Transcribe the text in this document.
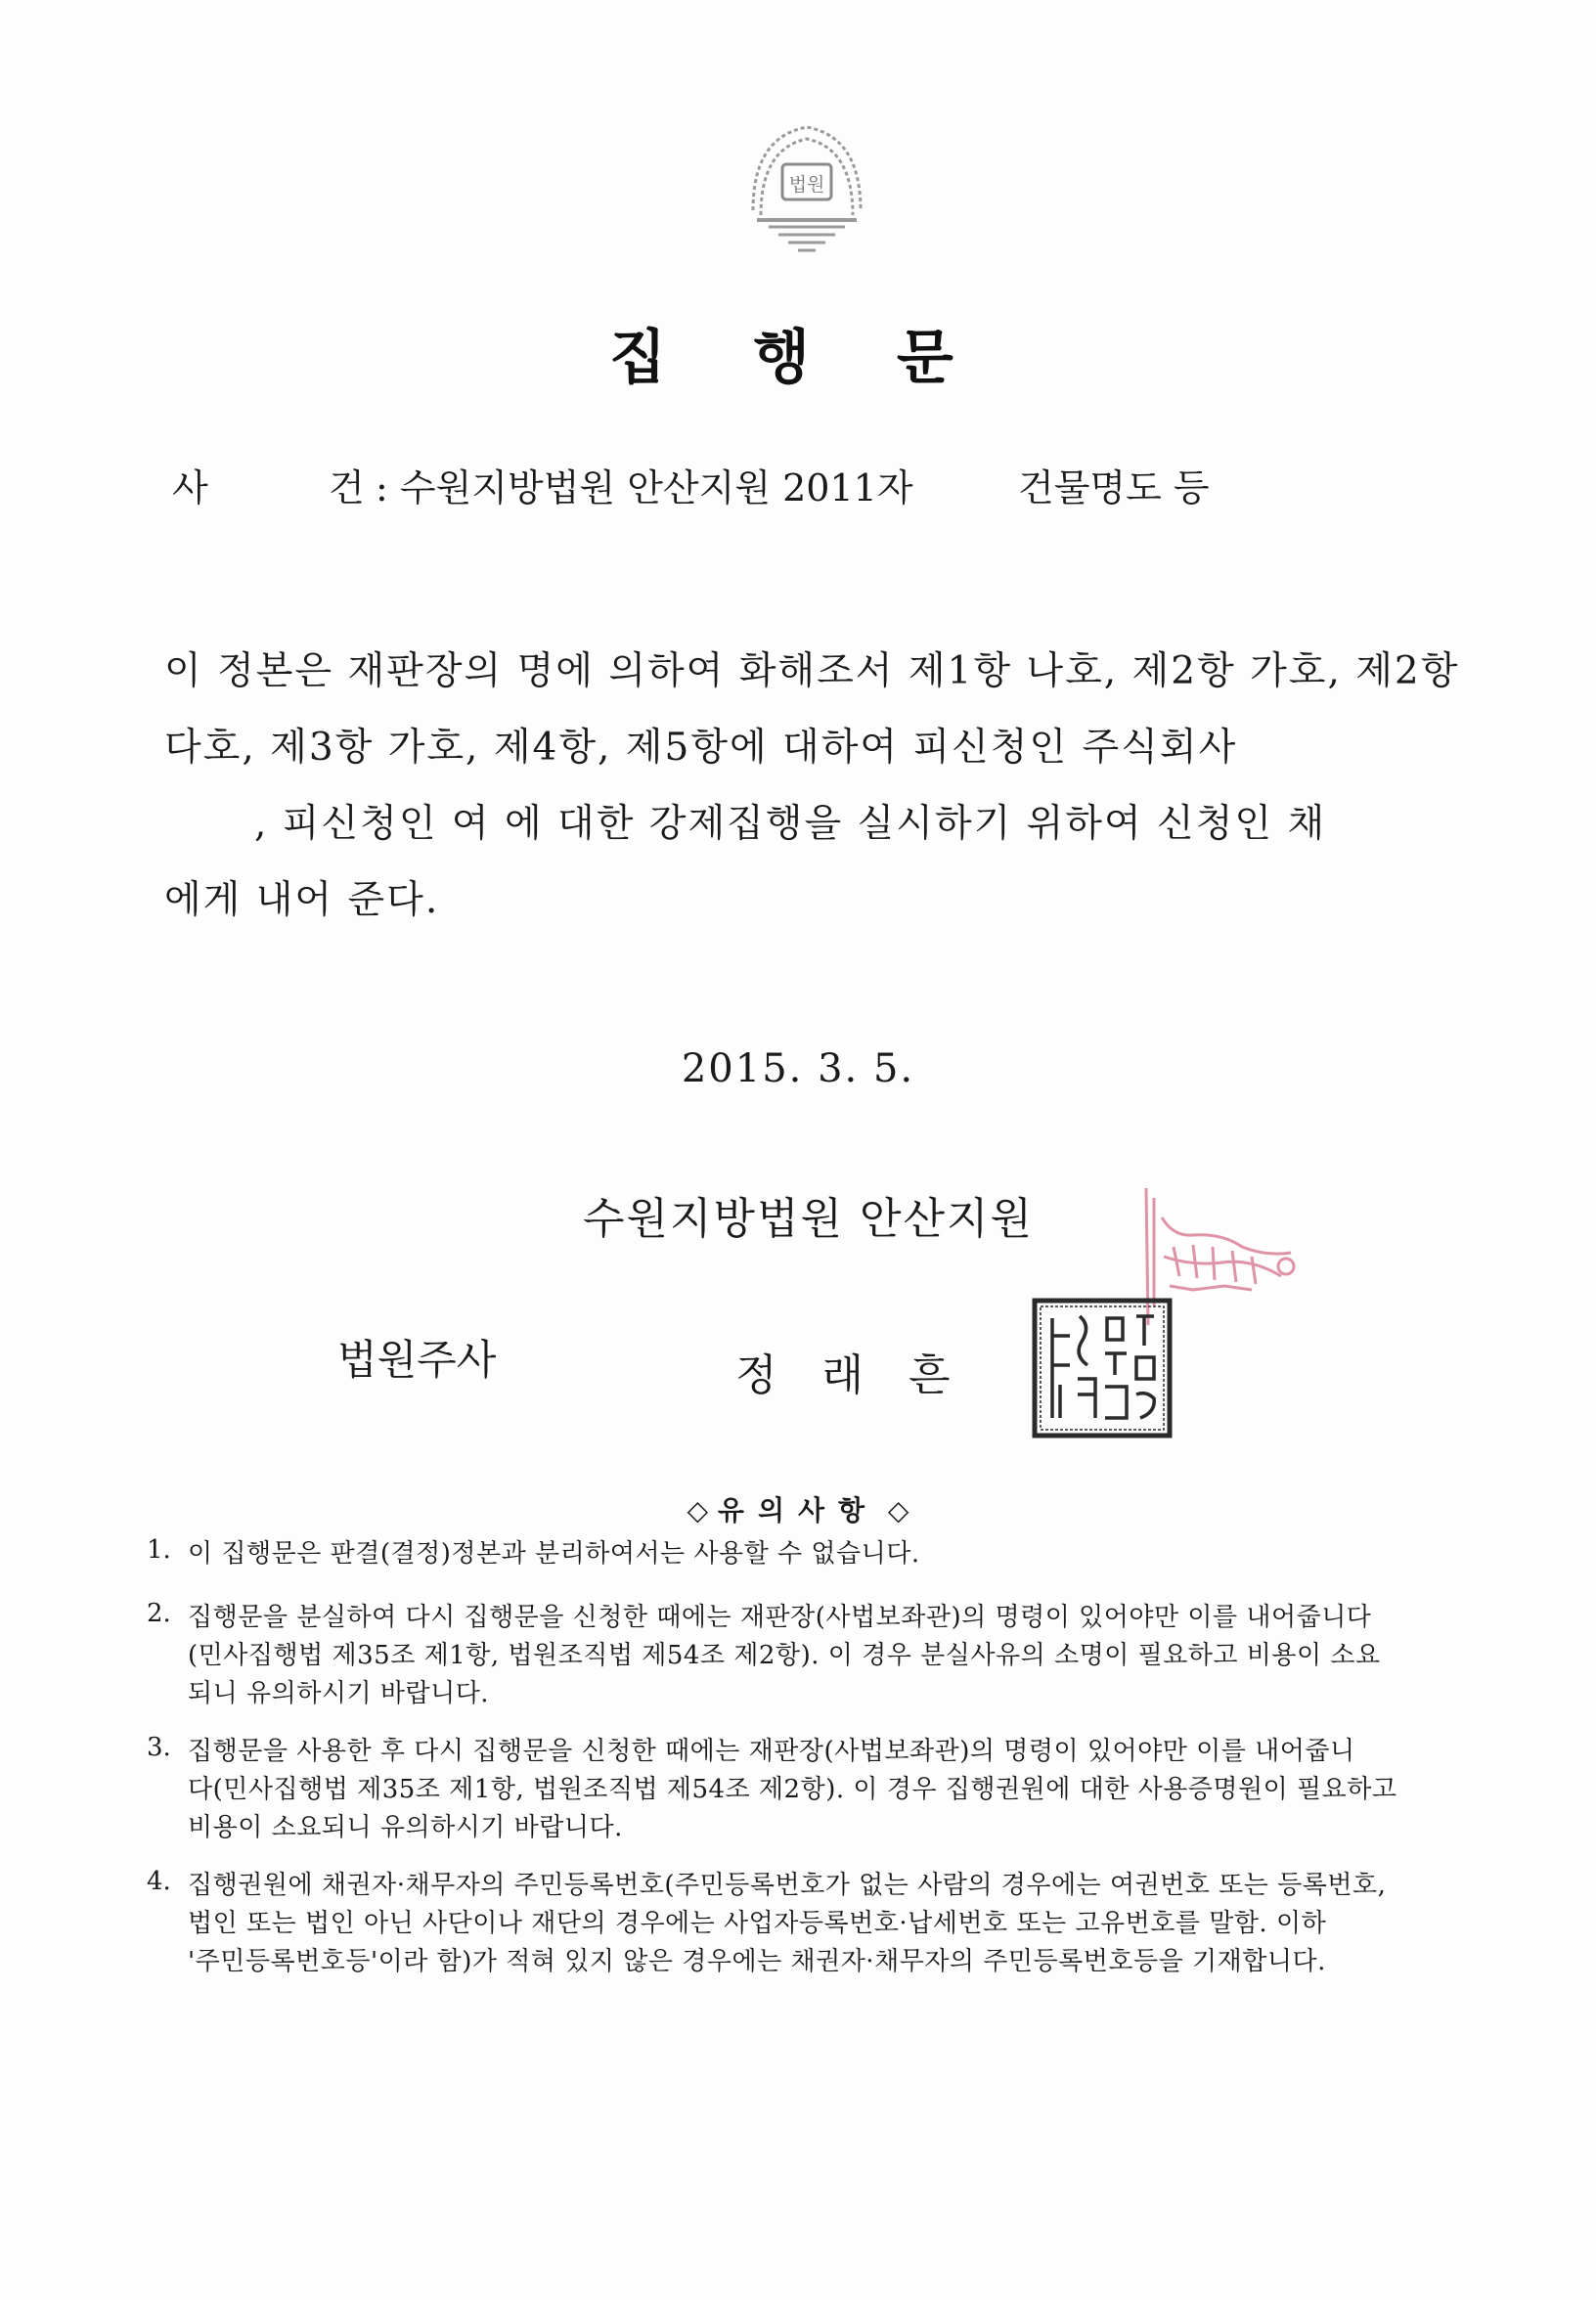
법원
집 행 문
사	건 : 수원지방법원 안산지원 2011자	건물명도 등
이 정본은 재판장의 명에 의하여 화해조서 제1항 나호, 제2항 가호, 제2항
다호, 제3항 가호, 제4항, 제5항에 대하여 피신청인 주식회사
, 피신청인 여 에 대한 강제집행을 실시하기 위하여 신청인 채
에게 내어 준다.
2015. 3. 5.
수원지방법원 안산지원
법원주사	정래흔
◇ 유의사항 ◇
1. 이 집행문은 판결(결정)정본과 분리하여서는 사용할 수 없습니다.
2. 집행문을 분실하여 다시 집행문을 신청한 때에는 재판장(사법보좌관)의 명령이 있어야만 이를 내어줍니다
(민사집행법 제35조 제1항, 법원조직법 제54조 제2항). 이 경우 분실사유의 소명이 필요하고 비용이 소요
되니 유의하시기 바랍니다.
3. 집행문을 사용한 후 다시 집행문을 신청한 때에는 재판장(사법보좌관)의 명령이 있어야만 이를 내어줍니
다(민사집행법 제35조 제1항, 법원조직법 제54조 제2항). 이 경우 집행권원에 대한 사용증명원이 필요하고
비용이 소요되니 유의하시기 바랍니다.
4. 집행권원에 채권자·채무자의 주민등록번호(주민등록번호가 없는 사람의 경우에는 여권번호 또는 등록번호,
법인 또는 법인 아닌 사단이나 재단의 경우에는 사업자등록번호·납세번호 또는 고유번호를 말함. 이하
'주민등록번호등'이라 함)가 적혀 있지 않은 경우에는 채권자·채무자의 주민등록번호등을 기재합니다.
